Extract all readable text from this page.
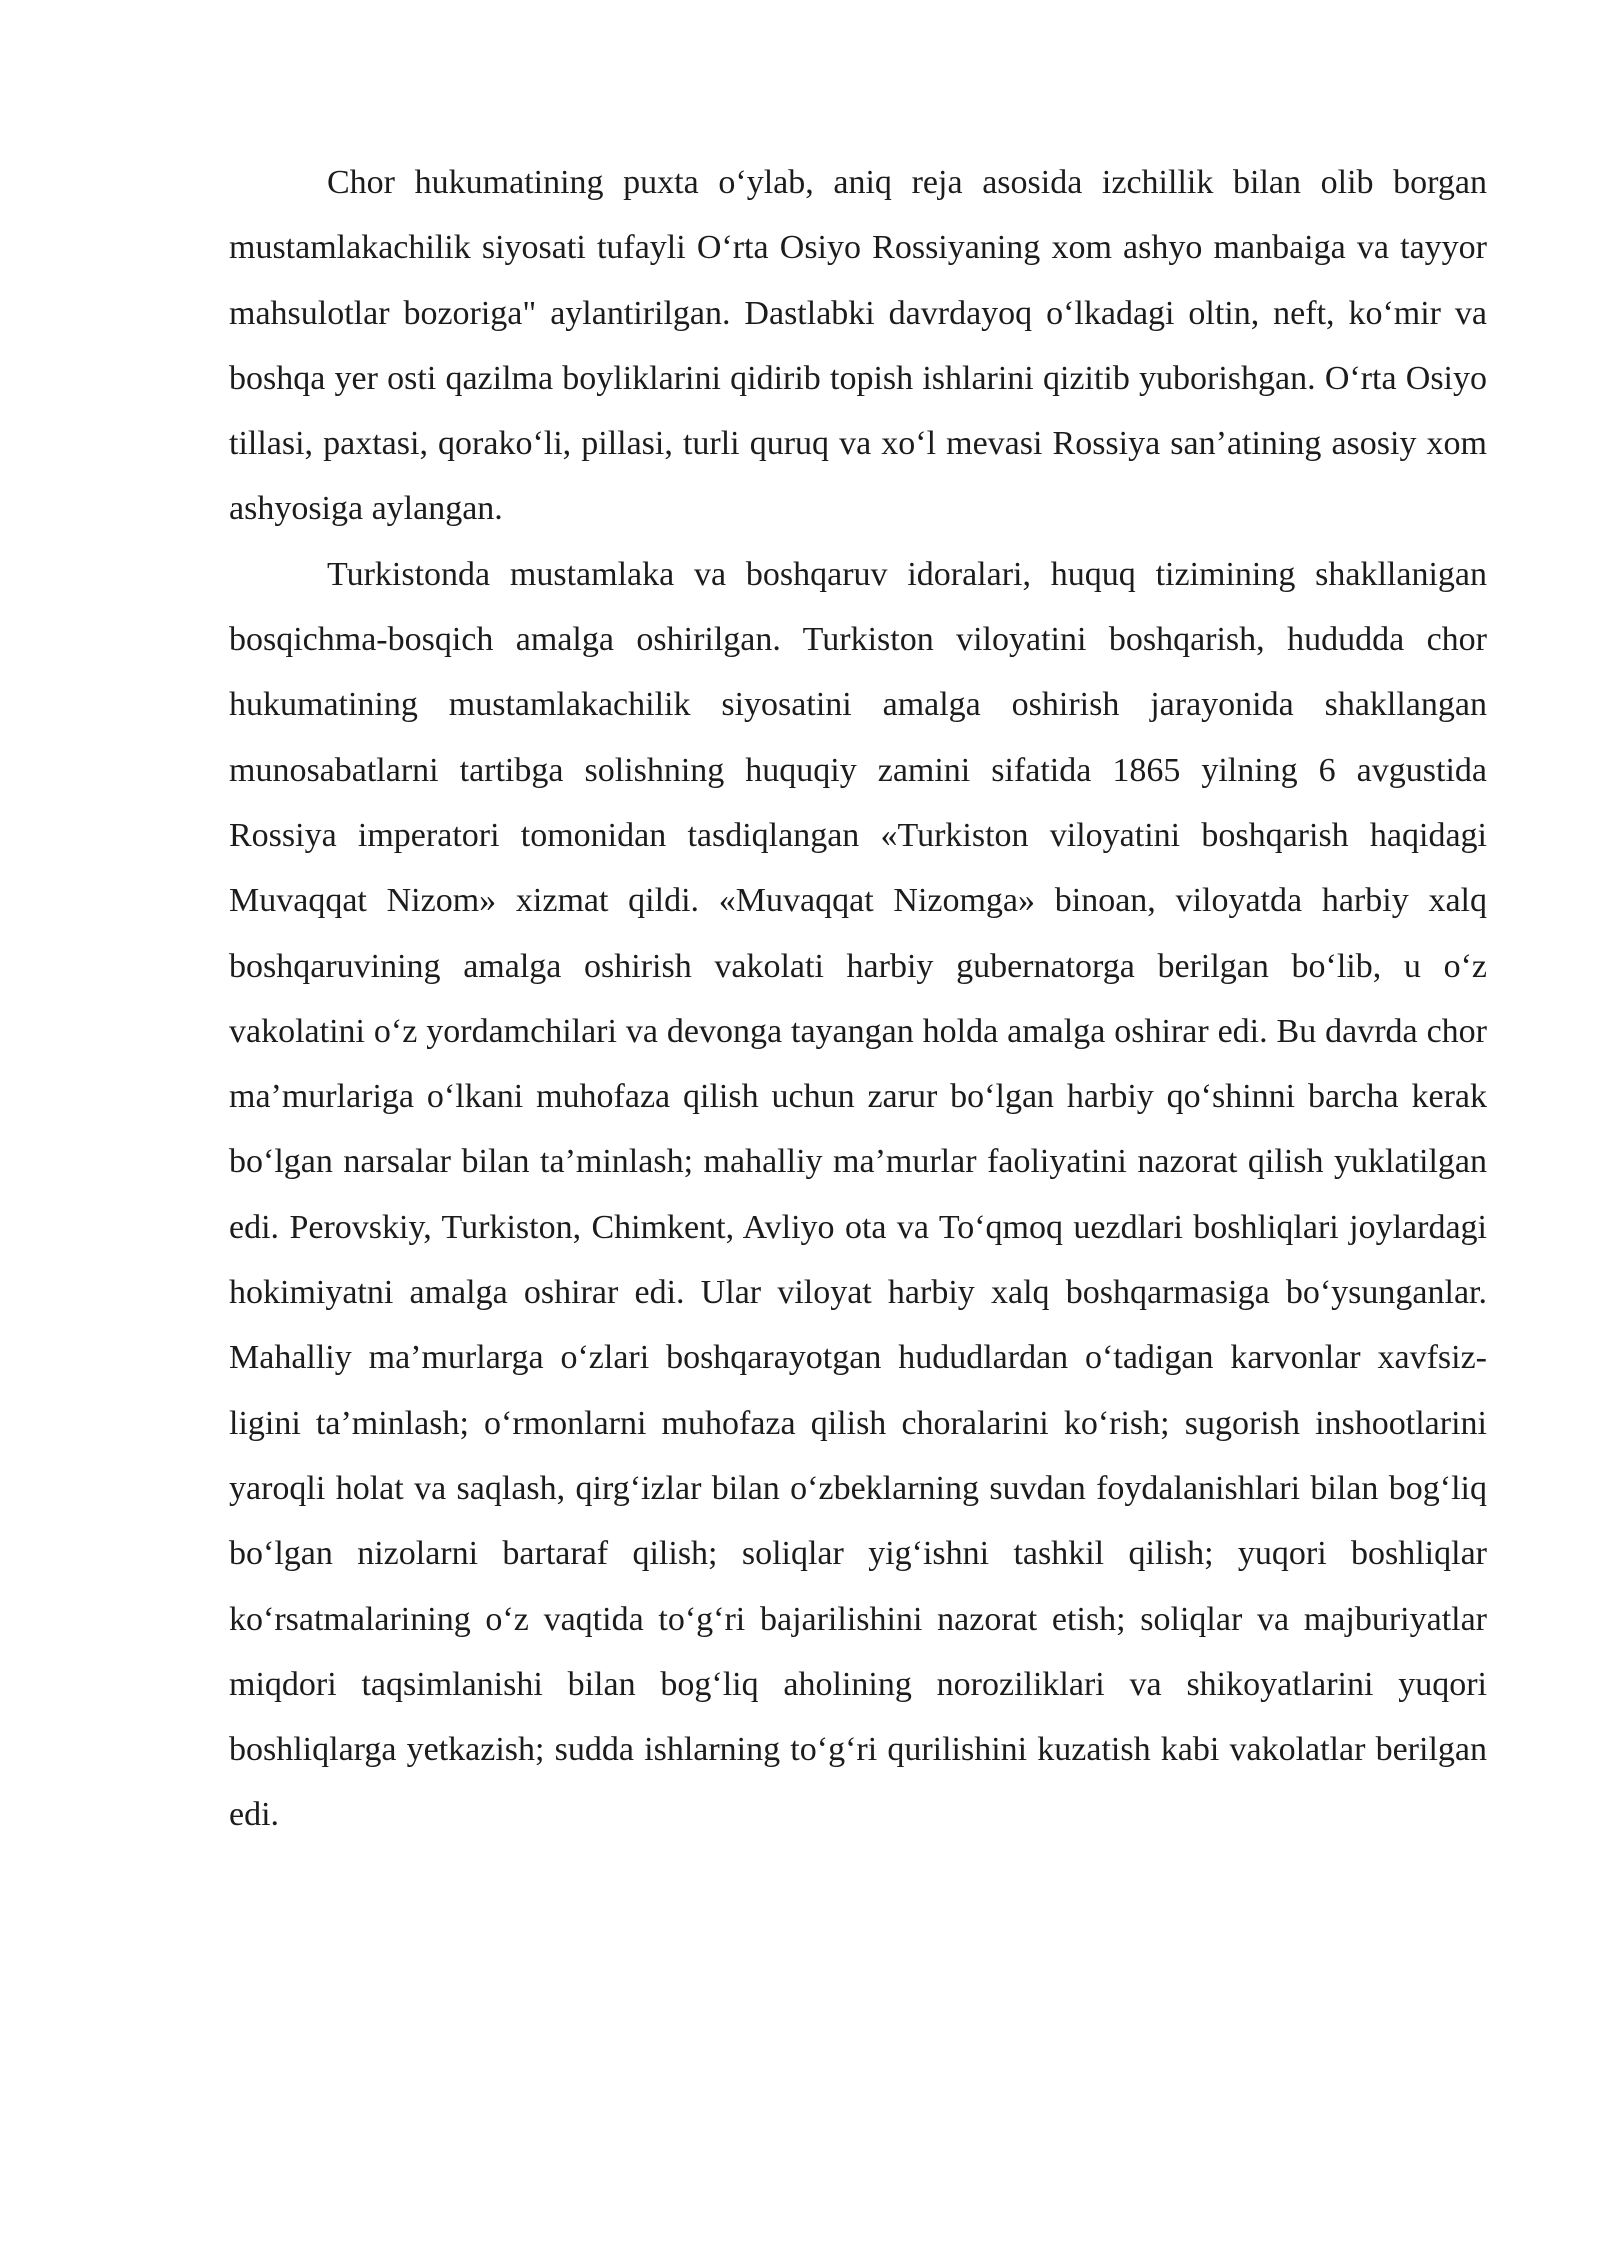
Chor hukumatining puxta o‘ylab, aniq reja asosida izchillik bilan olib borgan mustamlakachilik siyosati tufayli O‘rta Osiyo Rossiyaning xom ashyo manbaiga va tayyor mahsulotlar bozoriga" aylantirilgan. Dastlabki davrdayoq o‘lkadagi oltin, neft, ko‘mir va boshqa yer osti qazilma boyliklarini qidirib topish ishlarini qizitib yuborishgan. O‘rta Osiyo tillasi, paxtasi, qorako‘li, pillasi, turli quruq va xo‘l mevasi Rossiya san’atining asosiy xom ashyosiga aylangan.

Turkistonda mustamlaka va boshqaruv idoralari, huquq tizimining shakllanigan bosqichma-bosqich amalga oshirilgan. Turkiston viloyatini boshqarish, hududda chor hukumatining mustamlakachilik siyosatini amalga oshirish jarayonida shakllangan munosabatlarni tartibga solishning huquqiy zamini sifatida 1865 yilning 6 avgustida Rossiya imperatori tomonidan tasdiqlangan «Turkiston viloyatini boshqarish haqidagi Muvaqqat Nizom» xizmat qildi. «Muvaqqat Nizomga» binoan, viloyatda harbiy xalq boshqaruvining amalga oshirish vakolati harbiy gubernatorga berilgan bo‘lib, u o‘z vakolatini o‘z yordamchilari va devonga tayangan holda amalga oshirar edi. Bu davrda chor ma’murlariga o‘lkani muhofaza qilish uchun zarur bo‘lgan harbiy qo‘shinni barcha kerak bo‘lgan narsalar bilan ta’minlash; mahalliy ma’murlar faoliyatini nazorat qilish yuklatilgan edi. Perovskiy, Turkiston, Chimkent, Avliyo ota va To‘qmoq uezdlari boshliqlari joylardagi hokimiyatni amalga oshirar edi. Ular viloyat harbiy xalq boshqarmasiga bo‘ysunganlar. Mahalliy ma’murlarga o‘zlari boshqarayotgan hududlardan o‘tadigan karvonlar xavfsiz-ligini ta’minlash; o‘rmonlarni muhofaza qilish choralarini ko‘rish; sugorish inshootlarini yaroqli holat va saqlash, qirg‘izlar bilan o‘zbeklarning suvdan foydalanishlari bilan bog‘liq bo‘lgan nizolarni bartaraf qilish; soliqlar yig‘ishni tashkil qilish; yuqori boshliqlar ko‘rsatmalarining o‘z vaqtida to‘g‘ri bajarilishini nazorat etish; soliqlar va majburiyatlar miqdori taqsimlanishi bilan bog‘liq aholining noroziliklari va shikoyatlarini yuqori boshliqlarga yetkazish; sudda ishlarning to‘g‘ri qurilishini kuzatish kabi vakolatlar berilgan edi.
